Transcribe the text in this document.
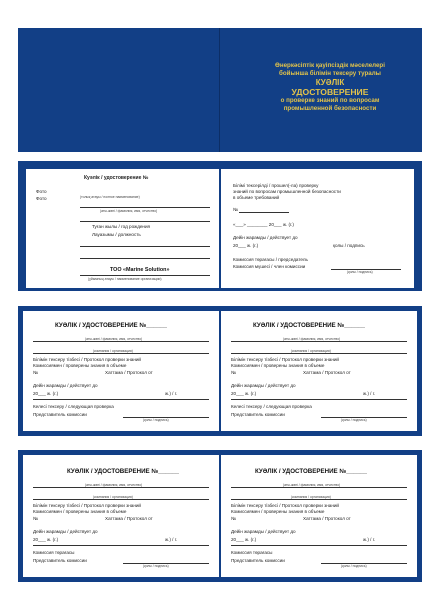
Өнеркәсіптік қауіпсіздік мәселелері
бойынша білімін тексеру туралы
КУӘЛІК
УДОСТОВЕРЕНИЕ
о проверке знаний по вопросам
промышленной безопасности
Куәлік / удостоверение №
Фото
Фото	(толық атауы / полное наименование)
(аты-жөні / фамилия, имя, отчество)
Туған жылы / год рождения
Лауазымы / должность
ТОО «Marine Solution»
(ұйымның атауы / наименование организации)
Білімі тексерілді / прошел(-ла) проверку
знаний по вопросам промышленной безопасности
в объеме требований
№
«___» ________ 20___ ж. (г.)
Дейін жарамды / действует до
20___ ж. (г.)	қолы / подпись
Комиссия төрағасы / председатель
Комиссия мүшесі / член комиссии
(қолы / подпись)
КУӘЛІК / УДОСТОВЕРЕНИЕ №______
(аты-жөні / фамилия, имя, отчество)
(компания / организация)
Білімін тексеру тізбесі / Протокол проверки знаний
Комиссиямен / проверены знания в объеме
№	Хаттама / Протокол от
Дейін жарамды / действует до
20___ ж. (г.)	ж.) / г.
Келесі тексеру / следующая проверка
Представитель комиссии
(қолы / подпись)
КУӘЛІК / УДОСТОВЕРЕНИЕ №______
(аты-жөні / фамилия, имя, отчество)
(компания / организация)
Білімін тексеру тізбесі / Протокол проверки знаний
Комиссиямен / проверены знания в объеме
№	Хаттама / Протокол от
Дейін жарамды / действует до
20___ ж. (г.)	ж.) / г.
Келесі тексеру / следующая проверка
Представитель комиссии
(қолы / подпись)
КУӘЛІК / УДОСТОВЕРЕНИЕ №______
(аты-жөні / фамилия, имя, отчество)
(компания / организация)
Білімін тексеру тізбесі / Протокол проверки знаний
Комиссиямен / проверены знания в объеме
№	Хаттама / Протокол от
Дейін жарамды / действует до
20___ ж. (г.)	ж.) / г.
Комиссия төрағасы
Представитель комиссии
(қолы / подпись)
КУӘЛІК / УДОСТОВЕРЕНИЕ №______
(аты-жөні / фамилия, имя, отчество)
(компания / организация)
Білімін тексеру тізбесі / Протокол проверки знаний
Комиссиямен / проверены знания в объеме
№	Хаттама / Протокол от
Дейін жарамды / действует до
20___ ж. (г.)	ж.) / г.
Комиссия төрағасы
Представитель комиссии
(қолы / подпись)
